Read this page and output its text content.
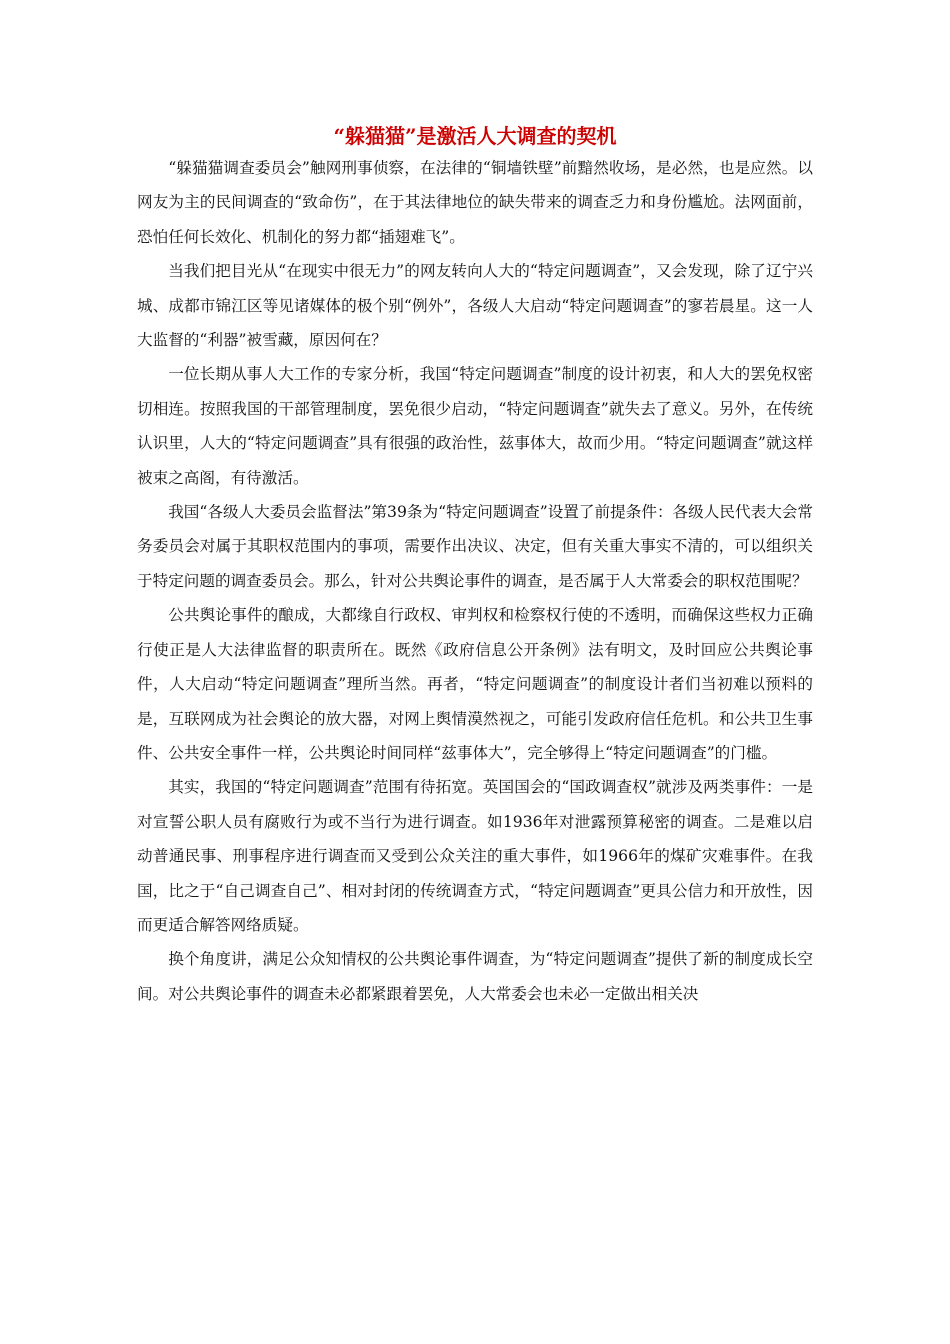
“躲猫猫”是激活人大调查的契机

“躲猫猫调查委员会”触网刑事侦察，在法律的“铜墙铁壁”前黯然收场，是必然，也是应然。以网友为主的民间调查的“致命伤”，在于其法律地位的缺失带来的调查乏力和身份尴尬。法网面前，恐怕任何长效化、机制化的努力都“插翅难飞”。

当我们把目光从“在现实中很无力”的网友转向人大的“特定问题调查”，又会发现，除了辽宁兴城、成都市锦江区等见诸媒体的极个别“例外”，各级人大启动“特定问题调查”的寥若晨星。这一人大监督的“利器”被雪藏，原因何在？

一位长期从事人大工作的专家分析，我国“特定问题调查”制度的设计初衷，和人大的罢免权密切相连。按照我国的干部管理制度，罢免很少启动，“特定问题调查”就失去了意义。另外，在传统认识里，人大的“特定问题调查”具有很强的政治性，兹事体大，故而少用。“特定问题调查”就这样被束之高阁，有待激活。

我国“各级人大委员会监督法”第39条为“特定问题调查”设置了前提条件：各级人民代表大会常务委员会对属于其职权范围内的事项，需要作出决议、决定，但有关重大事实不清的，可以组织关于特定问题的调查委员会。那么，针对公共舆论事件的调查，是否属于人大常委会的职权范围呢？

公共舆论事件的酿成，大都缘自行政权、审判权和检察权行使的不透明，而确保这些权力正确行使正是人大法律监督的职责所在。既然《政府信息公开条例》法有明文，及时回应公共舆论事件，人大启动“特定问题调查”理所当然。再者，“特定问题调查”的制度设计者们当初难以预料的是，互联网成为社会舆论的放大器，对网上舆情漠然视之，可能引发政府信任危机。和公共卫生事件、公共安全事件一样，公共舆论时间同样“兹事体大”，完全够得上“特定问题调查”的门槛。

其实，我国的“特定问题调查”范围有待拓宽。英国国会的“国政调查权”就涉及两类事件：一是对宣誓公职人员有腐败行为或不当行为进行调查。如1936年对泄露预算秘密的调查。二是难以启动普通民事、刑事程序进行调查而又受到公众关注的重大事件，如1966年的煤矿灾难事件。在我国，比之于“自己调查自己”、相对封闭的传统调查方式，“特定问题调查”更具公信力和开放性，因而更适合解答网络质疑。

换个角度讲，满足公众知情权的公共舆论事件调查，为“特定问题调查”提供了新的制度成长空间。对公共舆论事件的调查未必都紧跟着罢免，人大常委会也未必一定做出相关决
